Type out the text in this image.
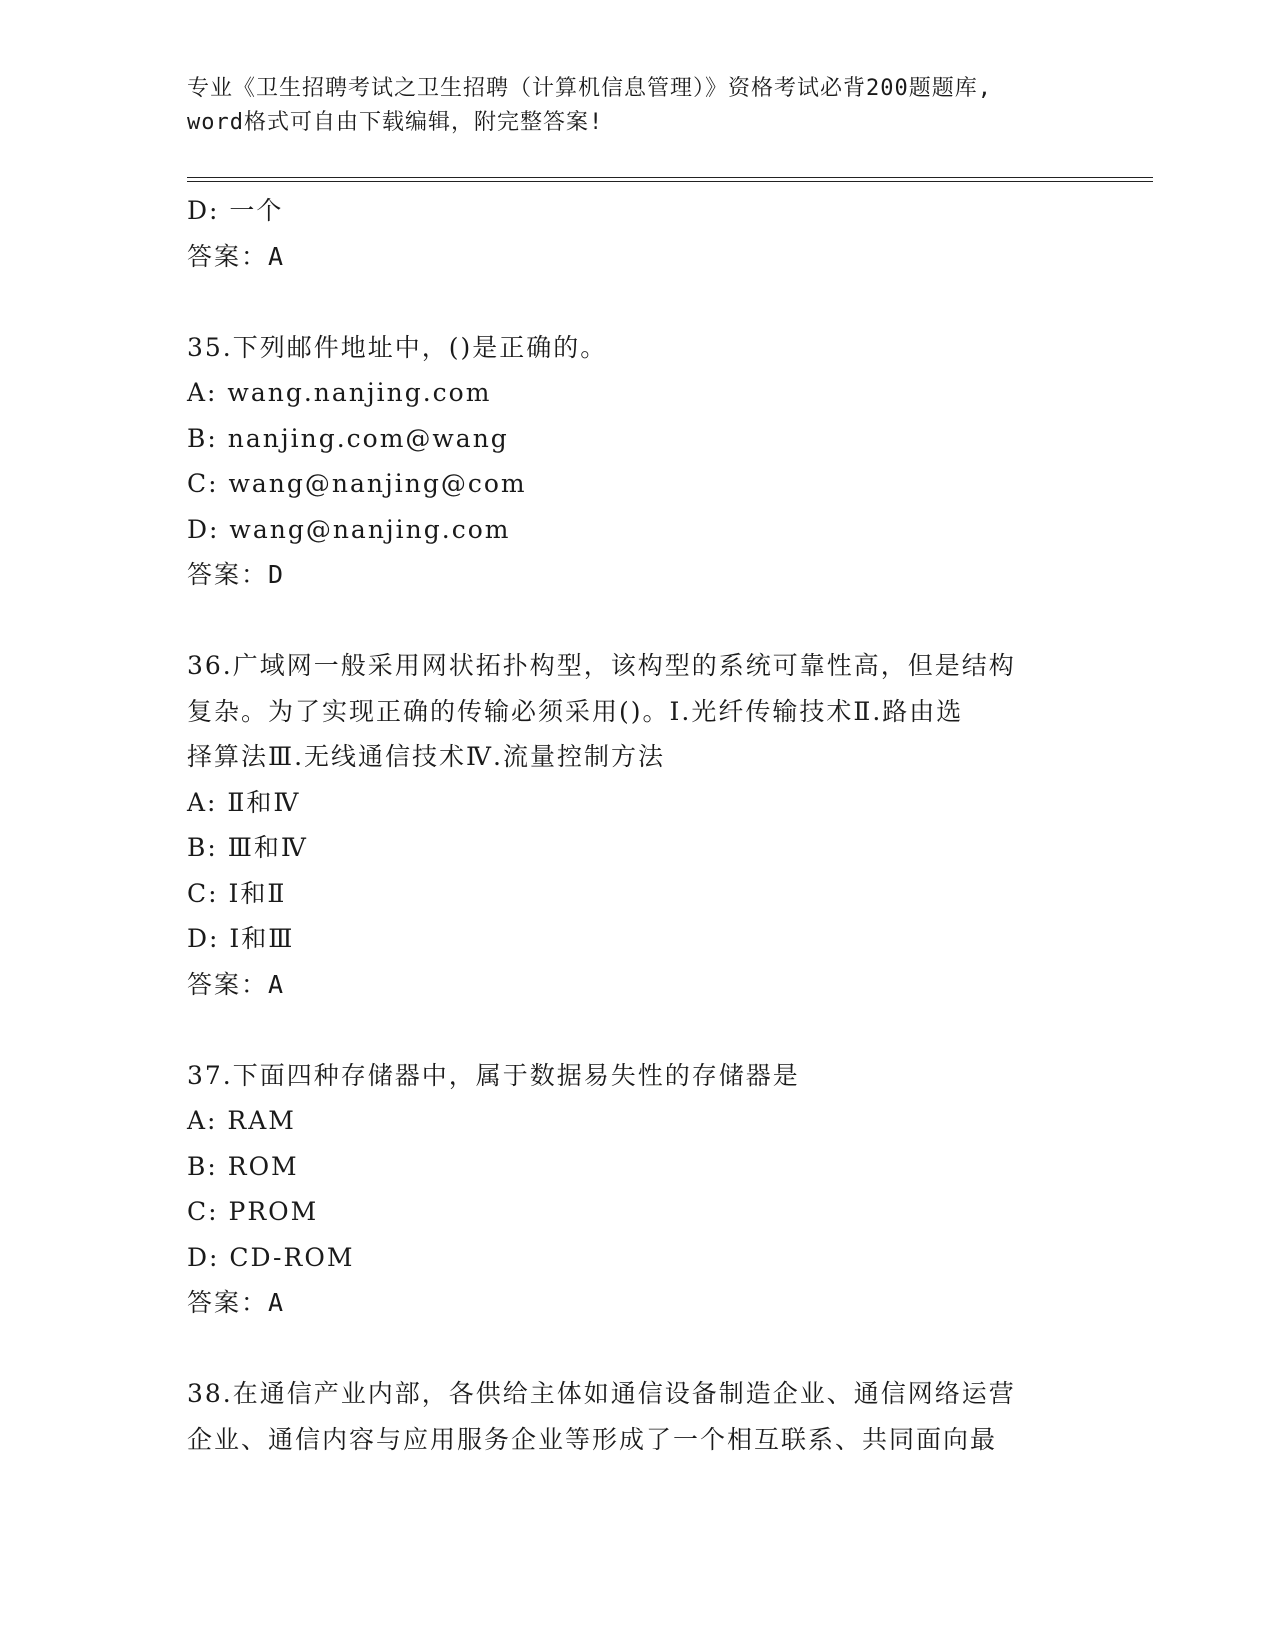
专业《卫生招聘考试之卫生招聘（计算机信息管理）》资格考试必背200题题库,
word格式可自由下载编辑，附完整答案!
D: 一个
答案：A
35.下列邮件地址中，()是正确的。
A: wang.nanjing.com
B: nanjing.com@wang
C: wang@nanjing@com
D: wang@nanjing.com
答案：D
36.广域网一般采用网状拓扑构型，该构型的系统可靠性高，但是结构
复杂。为了实现正确的传输必须采用()。Ⅰ.光纤传输技术Ⅱ.路由选
择算法Ⅲ.无线通信技术Ⅳ.流量控制方法
A: Ⅱ和Ⅳ
B: Ⅲ和Ⅳ
C: Ⅰ和Ⅱ
D: Ⅰ和Ⅲ
答案：A
37.下面四种存储器中，属于数据易失性的存储器是
A: RAM
B: ROM
C: PROM
D: CD-ROM
答案：A
38.在通信产业内部，各供给主体如通信设备制造企业、通信网络运营
企业、通信内容与应用服务企业等形成了一个相互联系、共同面向最
